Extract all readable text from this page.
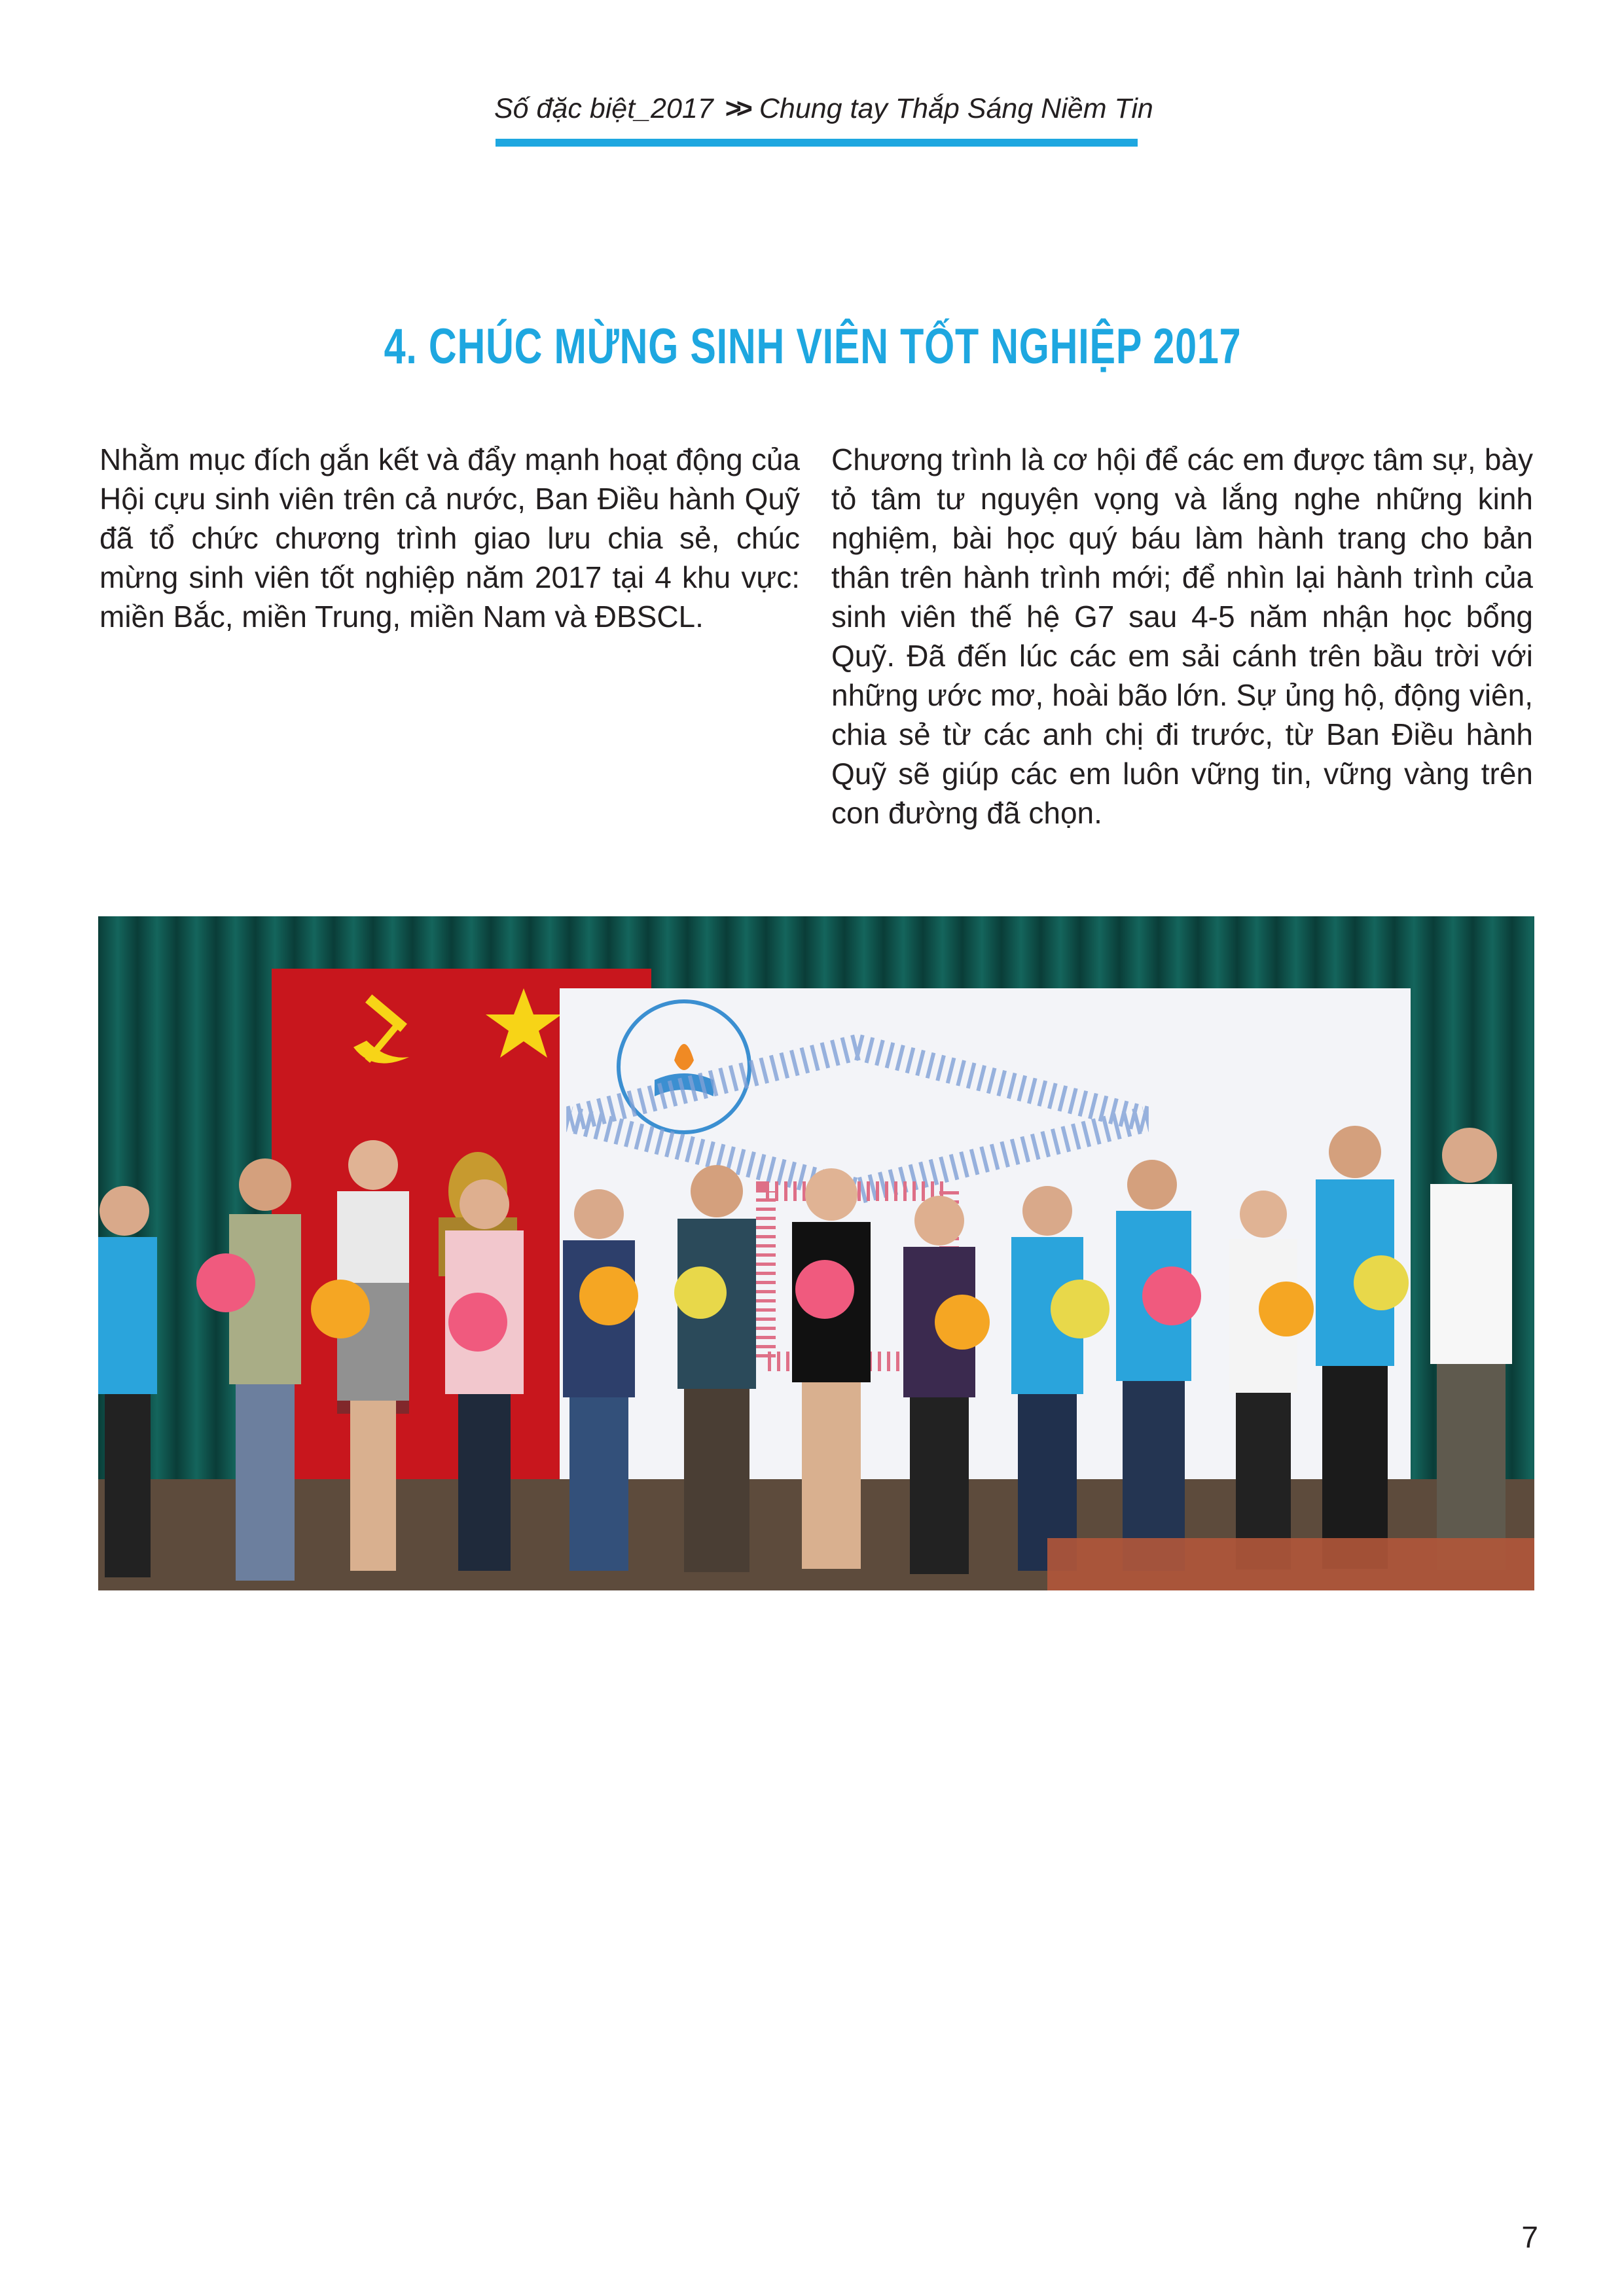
Số đặc biệt_2017 >> Chung tay Thắp Sáng Niềm Tin
4. CHÚC MỪNG SINH VIÊN TỐT NGHIỆP 2017
Nhằm mục đích gắn kết và đẩy mạnh hoạt động của Hội cựu sinh viên trên cả nước, Ban Điều hành Quỹ đã tổ chức chương trình giao lưu chia sẻ, chúc mừng sinh viên tốt nghiệp năm 2017 tại 4 khu vực: miền Bắc, miền Trung, miền Nam và ĐBSCL.
Chương trình là cơ hội để các em được tâm sự, bày tỏ tâm tư nguyện vọng và lắng nghe những kinh nghiệm, bài học quý báu làm hành trang cho bản thân trên hành trình mới; để nhìn lại hành trình của sinh viên thế hệ G7 sau 4-5 năm nhận học bổng Quỹ. Đã đến lúc các em sải cánh trên bầu trời với những ước mơ, hoài bão lớn. Sự ủng hộ, động viên, chia sẻ từ các anh chị đi trước, từ Ban Điều hành Quỹ sẽ giúp các em luôn vững tin, vững vàng trên con đường đã chọn.
7
